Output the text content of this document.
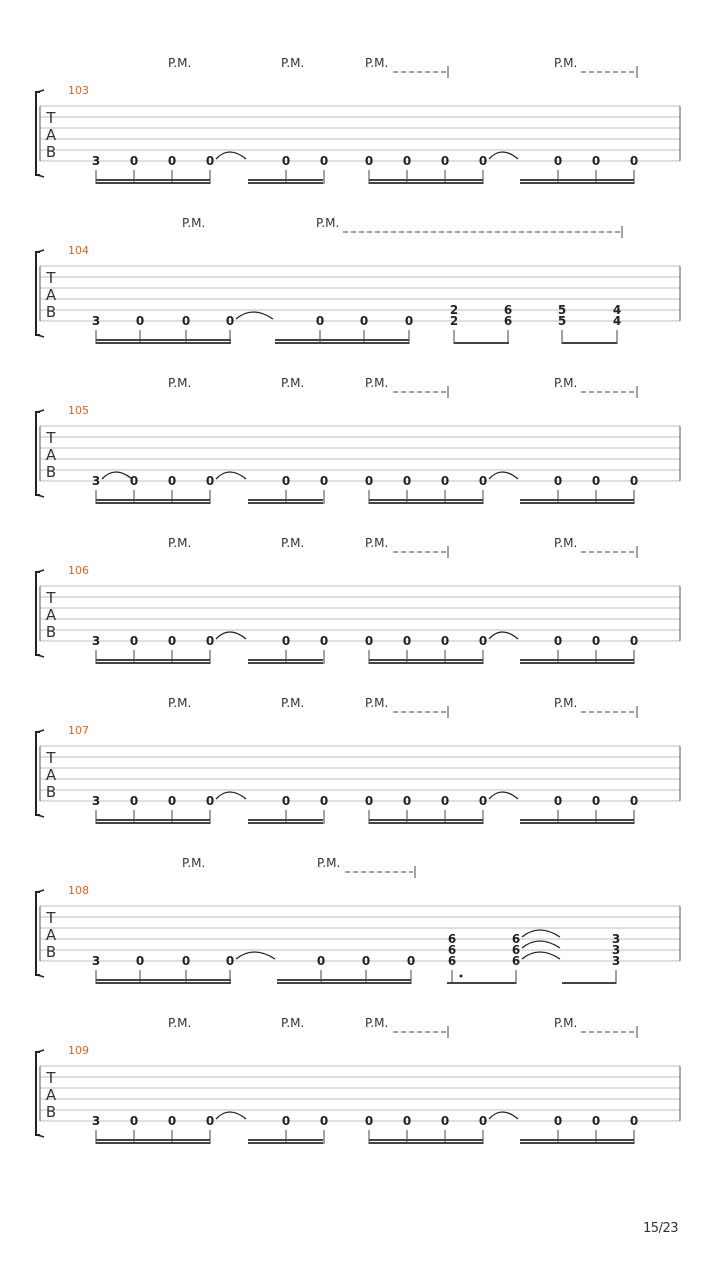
T
A
B
103
P.M.	P.M.	P.M.	P.M.
3 0 0 0	0 0	0 0 0 0	0 0 0
T
A
B
104
P.M.	P.M.
3	0	0	0	0	0	0
2
2
6
6
5
5
4
4
T
A
B
105
P.M.	P.M.	P.M.	P.M.
3 0 0 0	0 0	0 0 0 0	0 0 0
T
A
B
106
P.M.	P.M.	P.M.	P.M.
3 0 0 0	0 0	0 0 0 0	0 0 0
T
A
B
107
P.M.	P.M.	P.M.	P.M.
3 0 0 0	0 0	0 0 0 0	0 0 0
T
A
B
108
P.M.	P.M.
3	0	0	0	0	0	0
6
6
6
6
6
6
3
3
3
T
A
B
109
P.M.	P.M.	P.M.	P.M.
3 0 0 0	0 0	0 0 0 0	0 0 0
15/23
